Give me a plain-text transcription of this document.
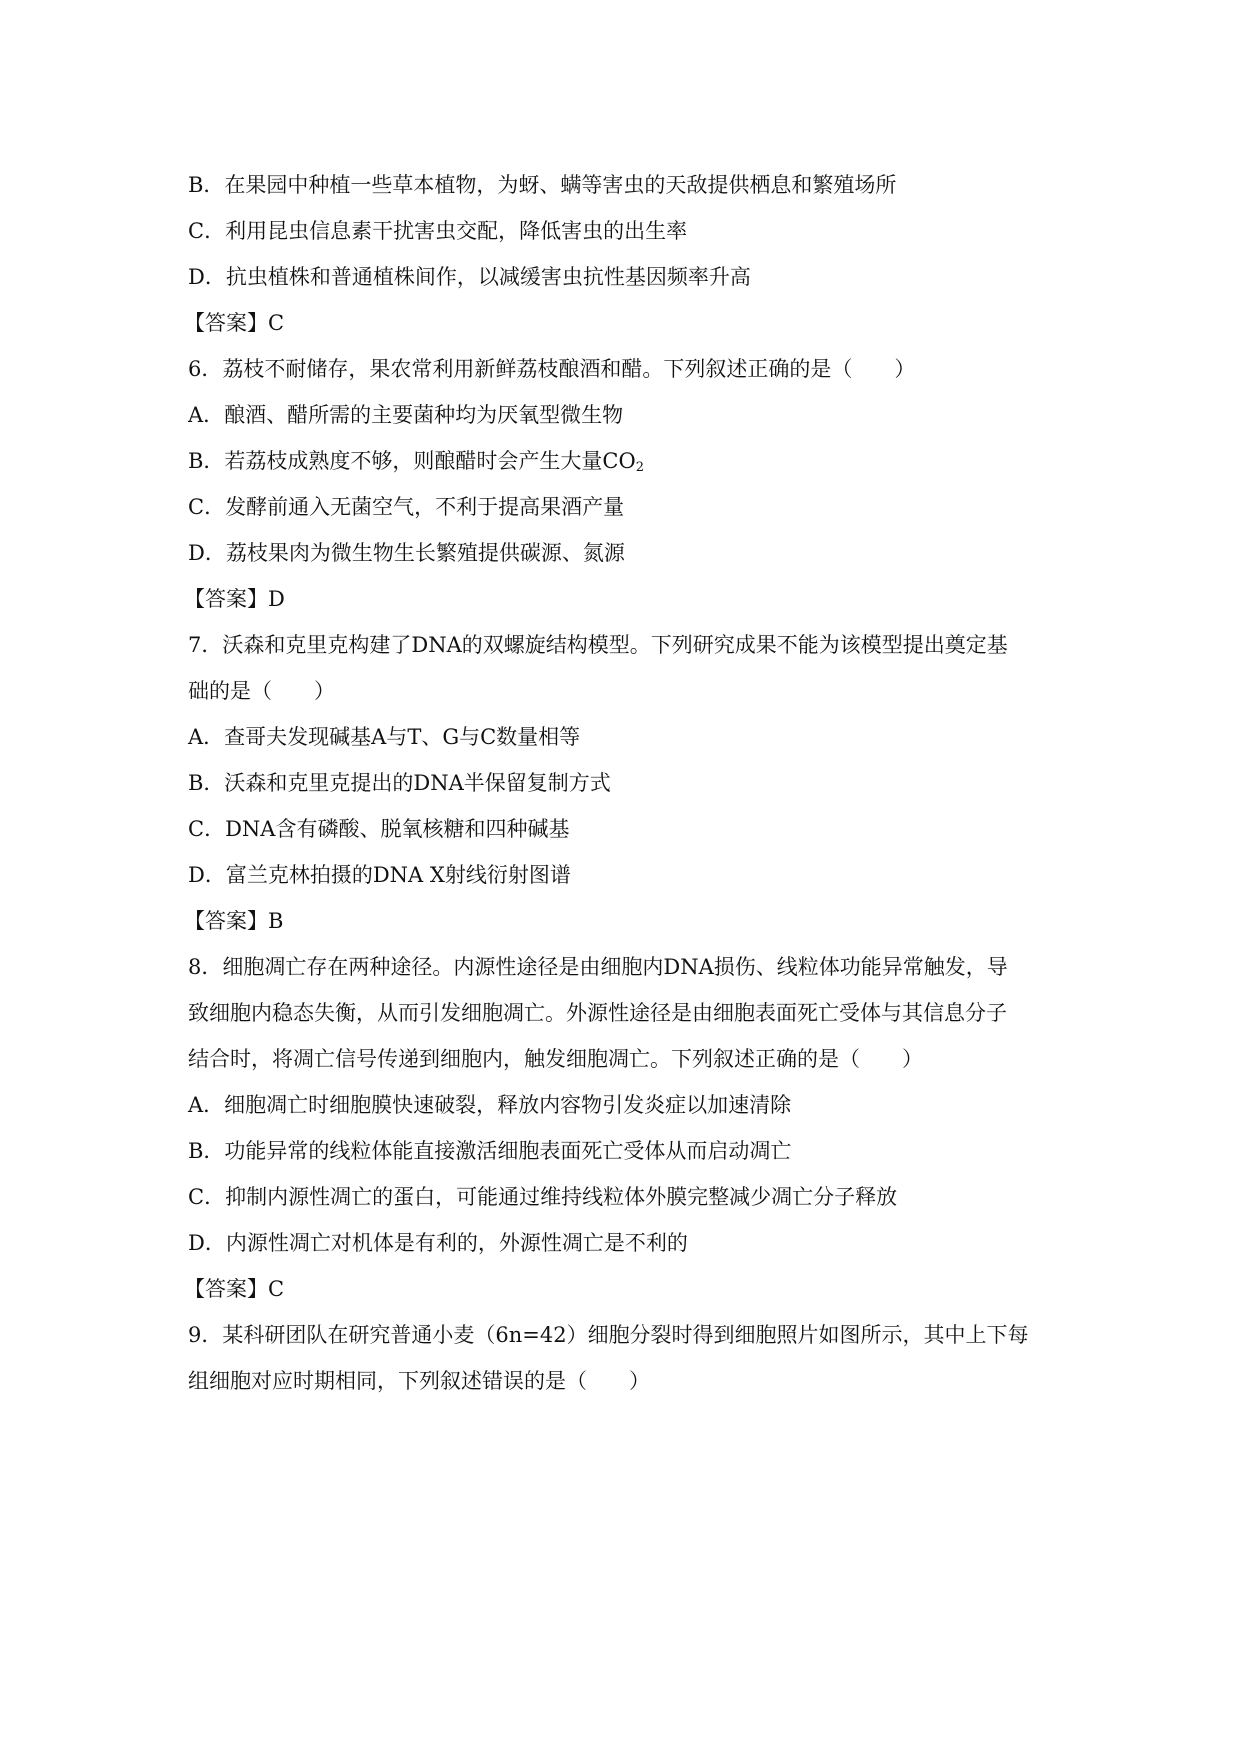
B．在果园中种植一些草本植物，为蚜、螨等害虫的天敌提供栖息和繁殖场所
C．利用昆虫信息素干扰害虫交配，降低害虫的出生率
D．抗虫植株和普通植株间作，以减缓害虫抗性基因频率升高
【答案】C
6．荔枝不耐储存，果农常利用新鲜荔枝酿酒和醋。下列叙述正确的是（　　）
A．酿酒、醋所需的主要菌种均为厌氧型微生物
B．若荔枝成熟度不够，则酿醋时会产生大量$CO_2$
C．发酵前通入无菌空气，不利于提高果酒产量
D．荔枝果肉为微生物生长繁殖提供碳源、氮源
【答案】D
7．沃森和克里克构建了DNA的双螺旋结构模型。下列研究成果不能为该模型提出奠定基
础的是（　　）
A．查哥夫发现碱基A与T、G与C数量相等
B．沃森和克里克提出的DNA半保留复制方式
C．DNA含有磷酸、脱氧核糖和四种碱基
D．富兰克林拍摄的DNA X射线衍射图谱
【答案】B
8．细胞凋亡存在两种途径。内源性途径是由细胞内DNA损伤、线粒体功能异常触发，导
致细胞内稳态失衡，从而引发细胞凋亡。外源性途径是由细胞表面死亡受体与其信息分子
结合时，将凋亡信号传递到细胞内，触发细胞凋亡。下列叙述正确的是（　　）
A．细胞凋亡时细胞膜快速破裂，释放内容物引发炎症以加速清除
B．功能异常的线粒体能直接激活细胞表面死亡受体从而启动凋亡
C．抑制内源性凋亡的蛋白，可能通过维持线粒体外膜完整减少凋亡分子释放
D．内源性凋亡对机体是有利的，外源性凋亡是不利的
【答案】C
9．某科研团队在研究普通小麦（6n=42）细胞分裂时得到细胞照片如图所示，其中上下每
组细胞对应时期相同，下列叙述错误的是（　　）
